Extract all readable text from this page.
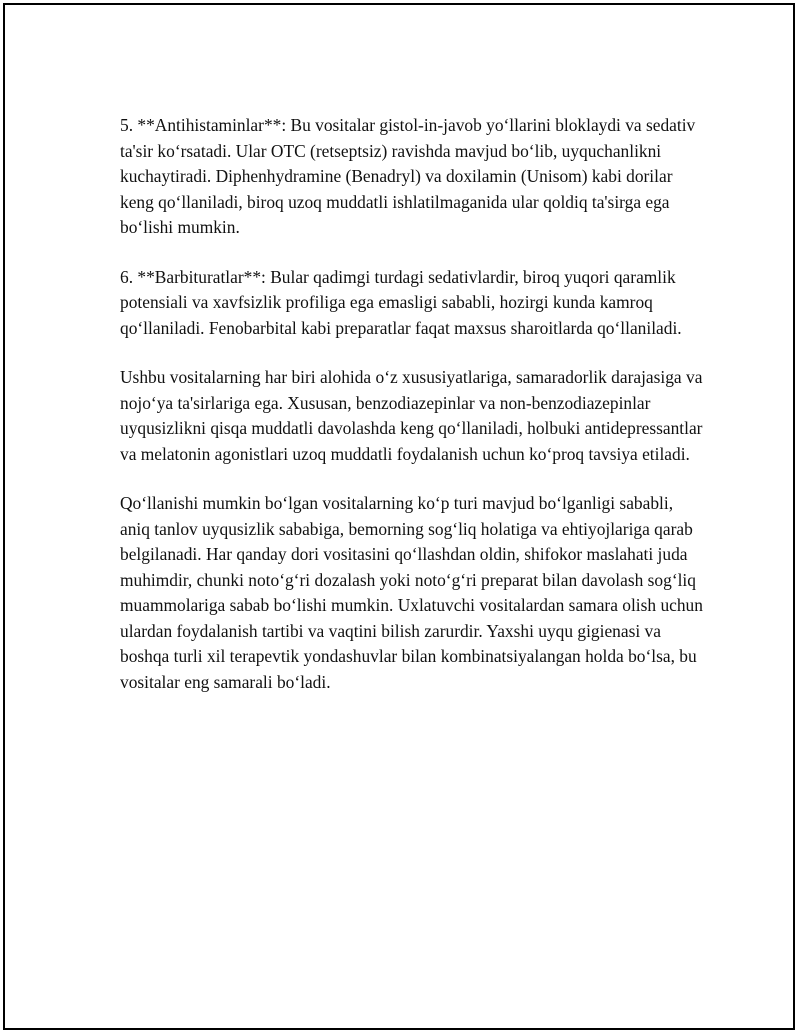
5. **Antihistaminlar**: Bu vositalar gistol-in-javob yo‘llarini bloklaydi va sedativ ta'sir ko‘rsatadi. Ular OTC (retseptsiz) ravishda mavjud bo‘lib, uyquchanlikni kuchaytiradi. Diphenhydramine (Benadryl) va doxilamin (Unisom) kabi dorilar keng qo‘llaniladi, biroq uzoq muddatli ishlatilmaganida ular qoldiq ta'sirga ega bo‘lishi mumkin.

6. **Barbituratlar**: Bular qadimgi turdagi sedativlardir, biroq yuqori qaramlik potensiali va xavfsizlik profiliga ega emasligi sababli, hozirgi kunda kamroq qo‘llaniladi. Fenobarbital kabi preparatlar faqat maxsus sharoitlarda qo‘llaniladi.

Ushbu vositalarning har biri alohida o‘z xususiyatlariga, samaradorlik darajasiga va nojo‘ya ta'sirlariga ega. Xususan, benzodiazepinlar va non-benzodiazepinlar uyqusizlikni qisqa muddatli davolashda keng qo‘llaniladi, holbuki antidepressantlar va melatonin agonistlari uzoq muddatli foydalanish uchun ko‘proq tavsiya etiladi.

Qo‘llanishi mumkin bo‘lgan vositalarning ko‘p turi mavjud bo‘lganligi sababli, aniq tanlov uyqusizlik sababiga, bemorning sog‘liq holatiga va ehtiyojlariga qarab belgilanadi. Har qanday dori vositasini qo‘llashdan oldin, shifokor maslahati juda muhimdir, chunki noto‘g‘ri dozalash yoki noto‘g‘ri preparat bilan davolash sog‘liq muammolariga sabab bo‘lishi mumkin. Uxlatuvchi vositalardan samara olish uchun ulardan foydalanish tartibi va vaqtini bilish zarurdir. Yaxshi uyqu gigienasi va boshqa turli xil terapevtik yondashuvlar bilan kombinatsiyalangan holda bo‘lsa, bu vositalar eng samarali bo‘ladi.
